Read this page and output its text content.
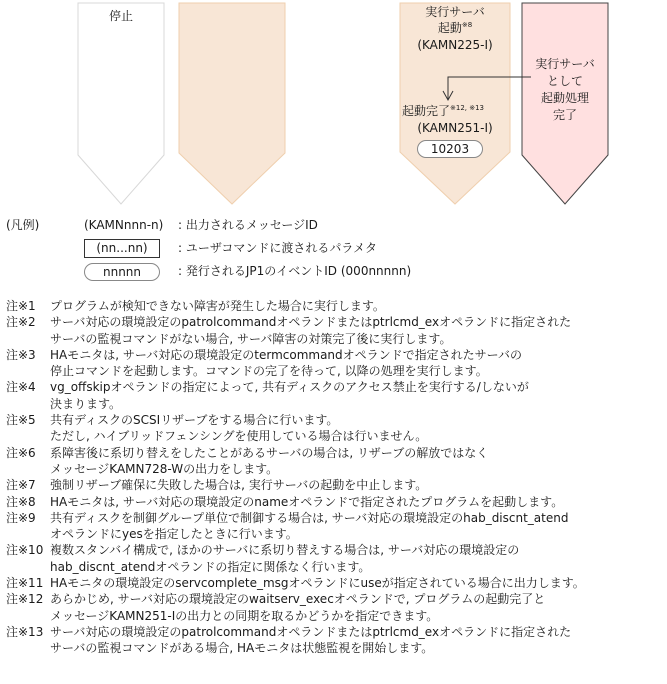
停止	実行サーバ
起動$^{※8}$
(KAMN225-I)
起動完了$^{※12, ※13}$
(KAMN251-I)
10203
実行サーバ
として
起動処理
完了
(凡例)	(KAMNnnn-n) : 出力されるメッセージID
(nn...nn)	: ユーザコマンドに渡されるパラメタ
nnnnn	: 発行されるJP1のイベントID (000nnnnn)
注※1	プログラムが検知できない障害が発生した場合に実行します。
注※2	サーバ対応の環境設定のpatrolcommandオペランドまたはptrlcmd_exオペランドに指定された
サーバの監視コマンドがない場合, サーバ障害の対策完了後に実行します。
注※3	HAモニタは, サーバ対応の環境設定のtermcommandオペランドで指定されたサーバの
停止コマンドを起動します。コマンドの完了を待って, 以降の処理を実行します。
注※4	vg_offskipオペランドの指定によって, 共有ディスクのアクセス禁止を実行する/しないが
決まります。
注※5	共有ディスクのSCSIリザーブをする場合に行います。
ただし, ハイブリッドフェンシングを使用している場合は行いません。
注※6	系障害後に系切り替えをしたことがあるサーバの場合は, リザーブの解放ではなく
メッセージKAMN728-Wの出力をします。
注※7	強制リザーブ確保に失敗した場合は, 実行サーバの起動を中止します。
注※8	HAモニタは, サーバ対応の環境設定のnameオペランドで指定されたプログラムを起動します。
注※9	共有ディスクを制御グループ単位で制御する場合は, サーバ対応の環境設定のhab_discnt_atend
オペランドにyesを指定したときに行います。
注※10 複数スタンバイ構成で, ほかのサーバに系切り替えする場合は, サーバ対応の環境設定の
hab_discnt_atendオペランドの指定に関係なく行います。
注※11 HAモニタの環境設定のservcomplete_msgオペランドにuseが指定されている場合に出力します。
注※12 あらかじめ, サーバ対応の環境設定のwaitserv_execオペランドで, プログラムの起動完了と
メッセージKAMN251-Iの出力との同期を取るかどうかを指定できます。
注※13 サーバ対応の環境設定のpatrolcommandオペランドまたはptrlcmd_exオペランドに指定された
サーバの監視コマンドがある場合, HAモニタは状態監視を開始します。
